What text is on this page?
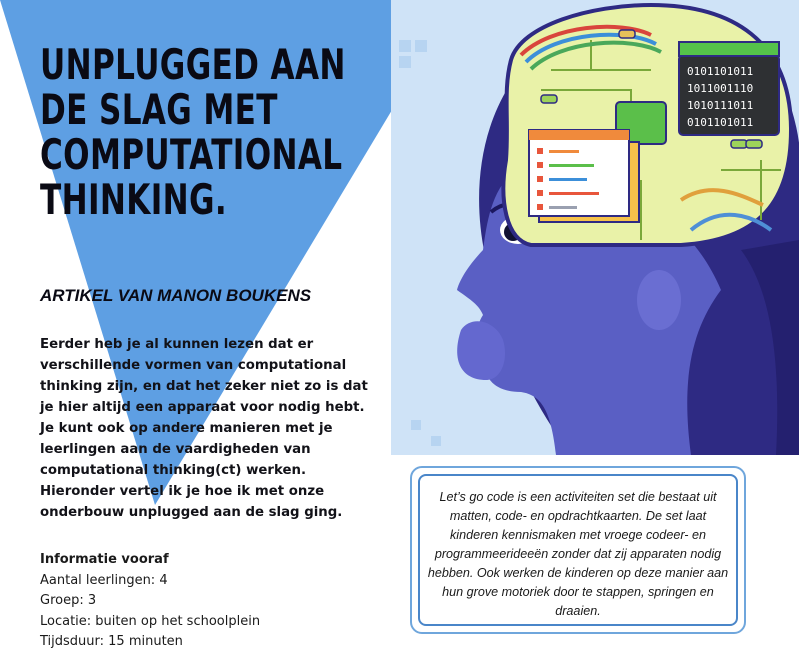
UNPLUGGED AAN
DE SLAG MET
COMPUTATIONAL
THINKING.
ARTIKEL VAN MANON BOUKENS

Eerder heb je al kunnen lezen dat er verschillende vormen van computational thinking zijn, en dat het zeker niet zo is dat je hier altijd een apparaat voor nodig hebt. Je kunt ook op andere manieren met je leerlingen aan de vaardigheden van computational thinking(ct) werken. Hieronder vertel ik je hoe ik met onze onderbouw unplugged aan de slag ging.

Informatie vooraf
Aantal leerlingen: 4
Groep: 3
Locatie: buiten op het schoolplein
Tijdsduur: 15 minuten
0101101011
1011001110
1010111011
0101101011

Let’s go code is een activiteiten set die bestaat uit matten, code- en opdrachtkaarten. De set laat kinderen kennismaken met vroege codeer- en programmeerideeën zonder dat zij apparaten nodig hebben. Ook werken de kinderen op deze manier aan hun grove motoriek door te stappen, springen en draaien.
